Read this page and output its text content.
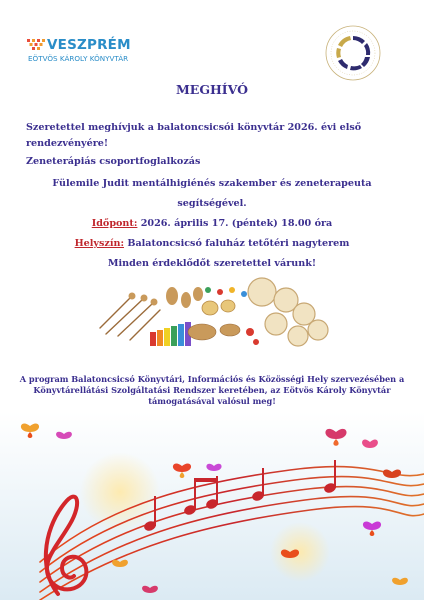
VESZPRÉM
EÖTVÖS KÁROLY KÖNYVTÁR
MEGHÍVÓ
Szeretettel meghívjuk a balatoncsicsói könyvtár 2026. évi első
rendezvényére!
Zeneterápiás csoportfoglalkozás
Fülemile Judit mentálhigiénés szakember és zeneterapeuta
segítségével.
Időpont: 2026. április 17. (péntek) 18.00 óra
Helyszín: Balatoncsicsó faluház tetőtéri nagyterem
Minden érdeklődőt szeretettel várunk!
A program Balatoncsicsó Könyvtári, Információs és Közösségi Hely szervezésében a
Könyvtárellátási Szolgáltatási Rendszer keretében, az Eötvös Károly Könyvtár
támogatásával valósul meg!
